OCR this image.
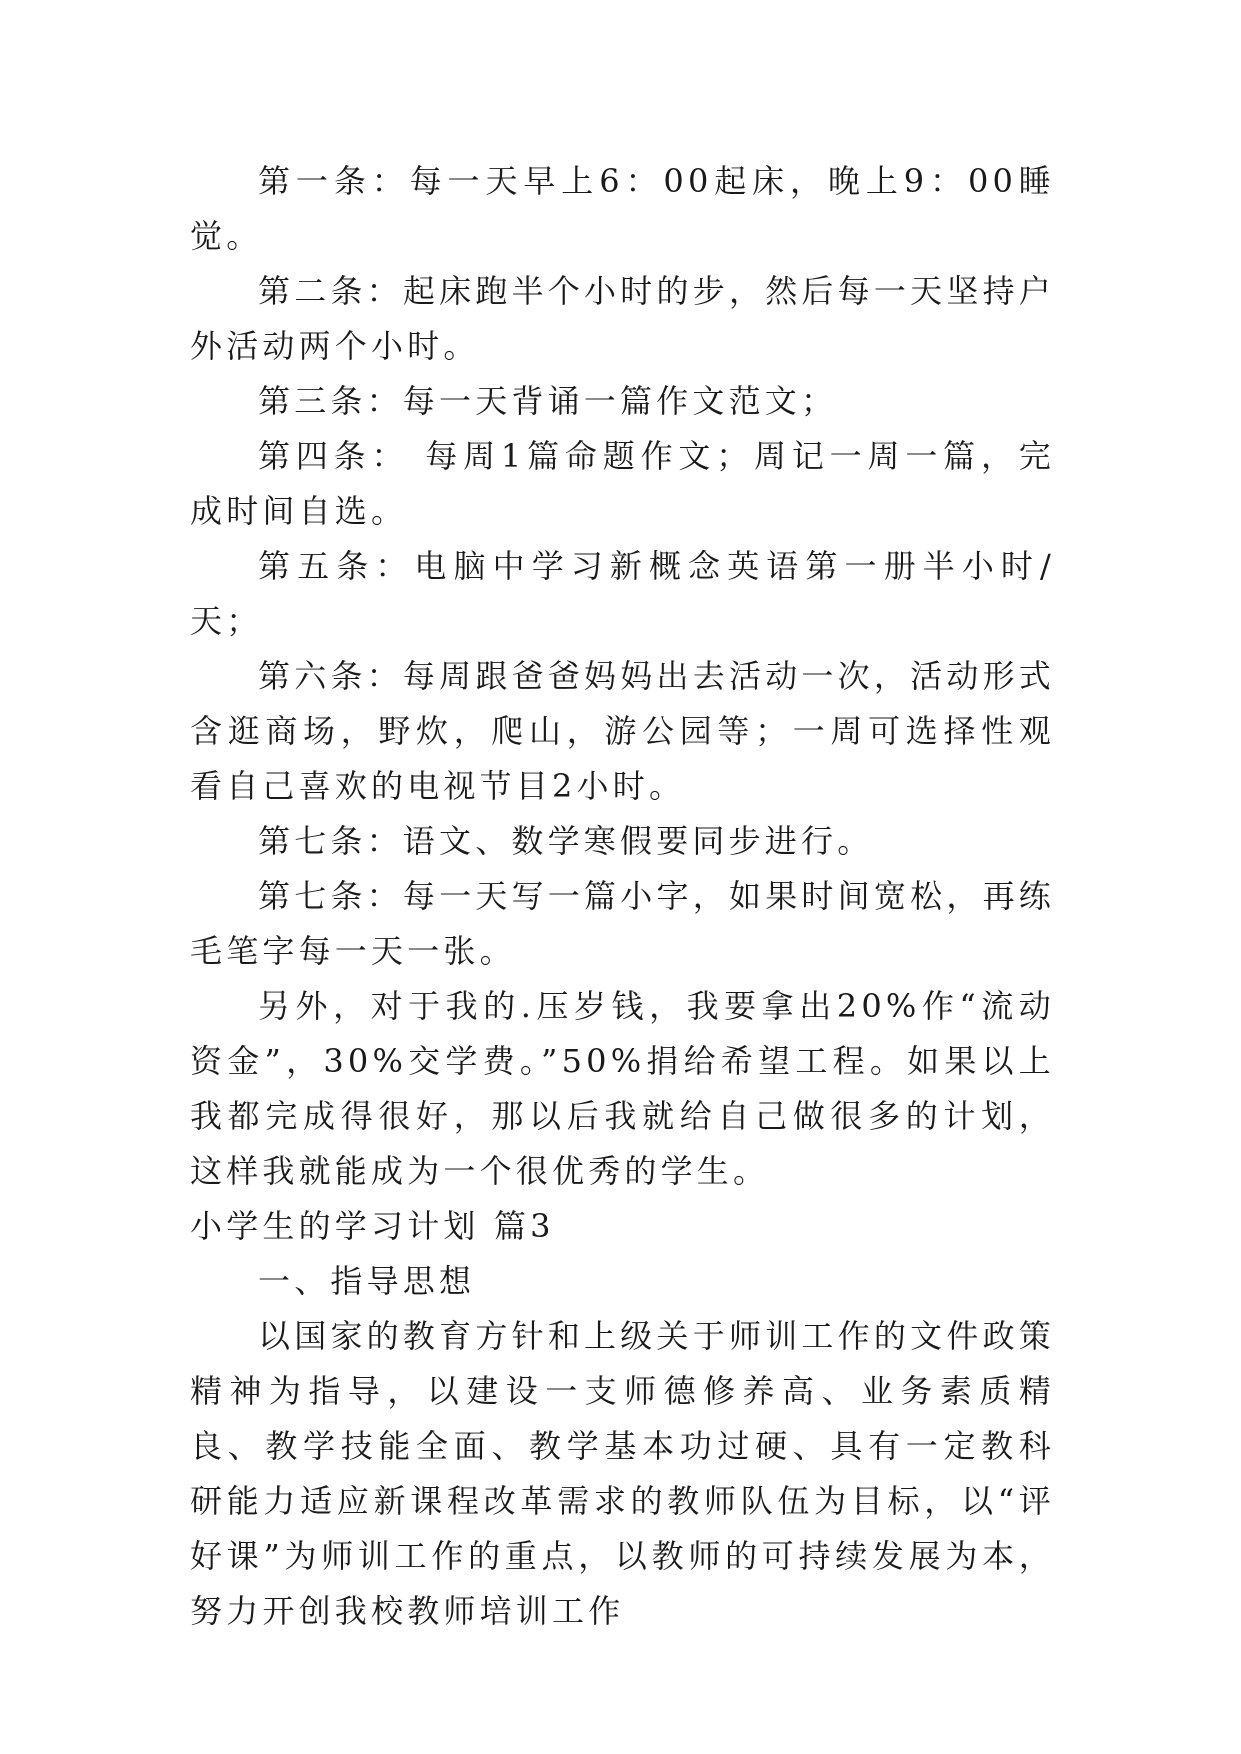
第一条：每一天早上6：00起床，晚上9：00睡觉。

第二条：起床跑半个小时的步，然后每一天坚持户外活动两个小时。

第三条：每一天背诵一篇作文范文；

第四条： 每周1篇命题作文；周记一周一篇，完成时间自选。

第五条：电脑中学习新概念英语第一册半小时/天；

第六条：每周跟爸爸妈妈出去活动一次，活动形式含逛商场，野炊，爬山，游公园等；一周可选择性观看自己喜欢的电视节目2小时。

第七条：语文、数学寒假要同步进行。

第七条：每一天写一篇小字，如果时间宽松，再练毛笔字每一天一张。

另外，对于我的.压岁钱，我要拿出20%作“流动资金”，30%交学费。”50%捐给希望工程。如果以上我都完成得很好，那以后我就给自己做很多的计划，这样我就能成为一个很优秀的学生。

小学生的学习计划 篇3

一、指导思想

以国家的教育方针和上级关于师训工作的文件政策精神为指导，以建设一支师德修养高、业务素质精良、教学技能全面、教学基本功过硬、具有一定教科研能力适应新课程改革需求的教师队伍为目标，以“评好课”为师训工作的重点，以教师的可持续发展为本，努力开创我校教师培训工作
